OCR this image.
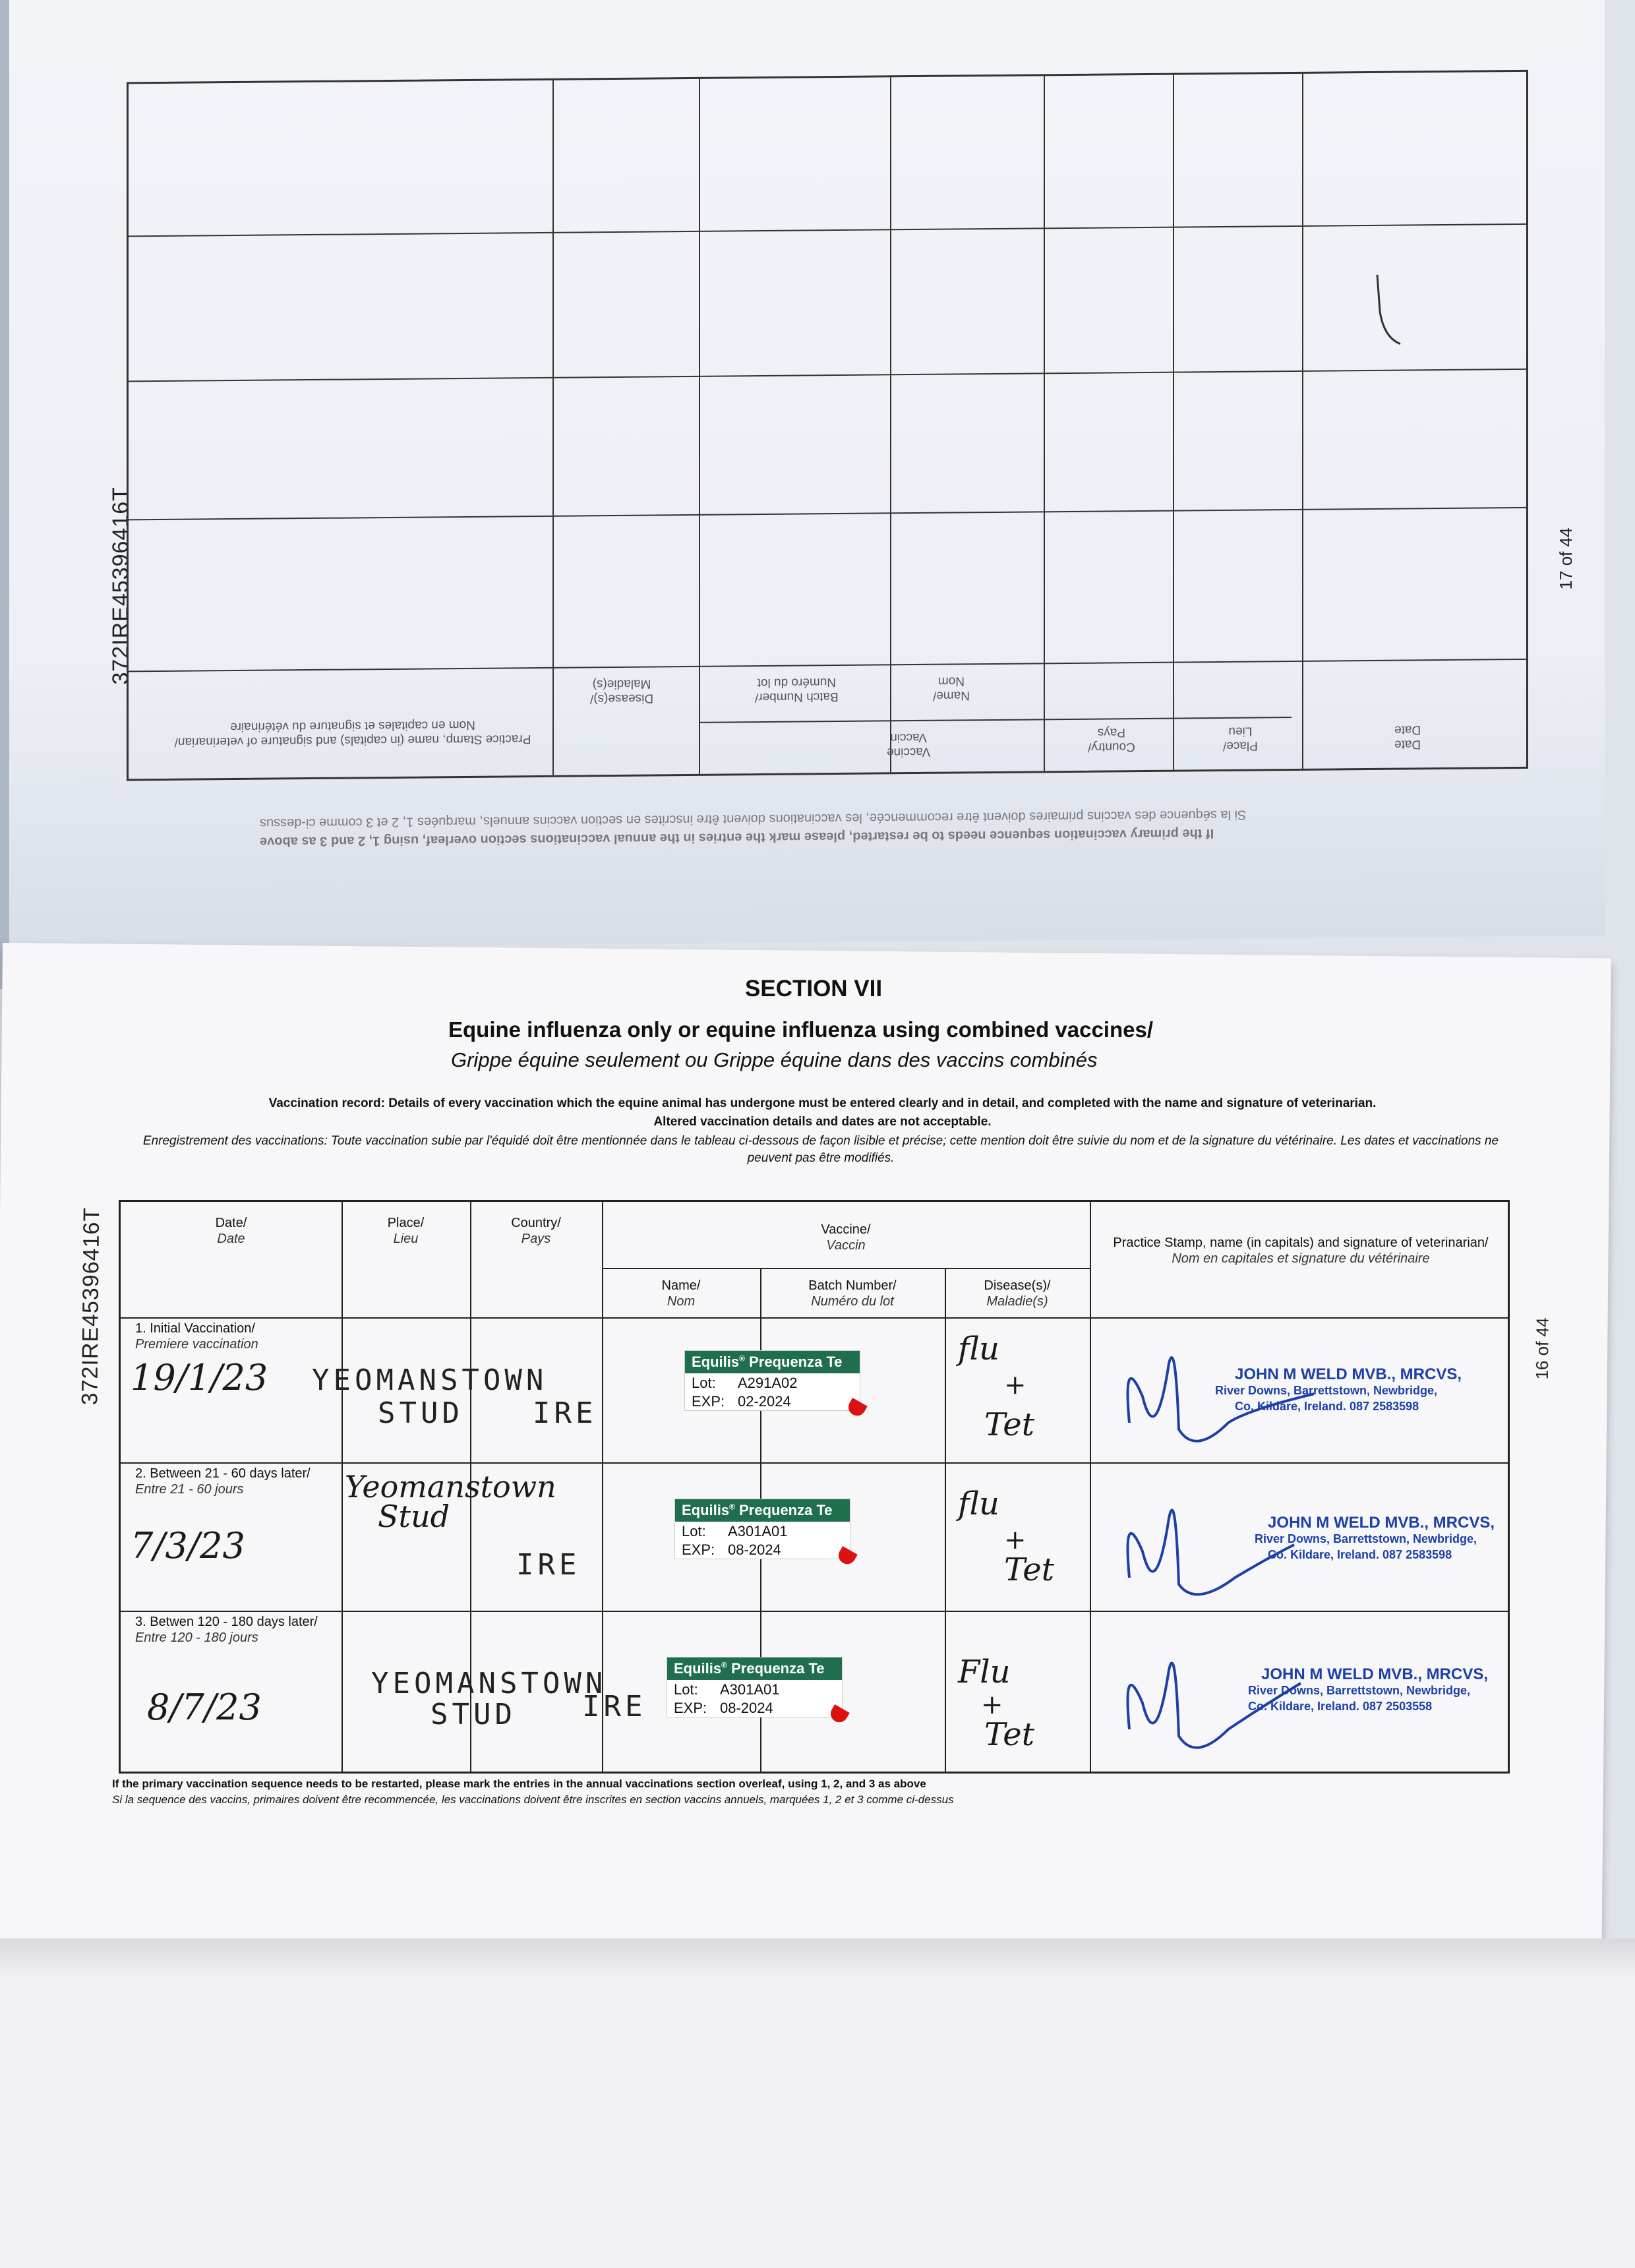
372IRE45396416T	17 of 44
Date
Date
Place/
Lieu
Country/
Pays
Vaccine
Vaccin
Name/
Nom
Batch Number/
Numéro du lot
Disease(s)/
Maladie(s)
Practice Stamp, name (in capitals) and signature of veterinarian/
Nom en capitales et signature du vétérinaire
Si la séquence des vaccins primaires doivent être recommencée, les vaccinations doivent être inscrites en section vaccins annuels, marquées 1, 2 et 3 comme ci-dessus
If the primary vaccination sequence needs to be restarted, please mark the entries in the annual vaccinations section overleaf, using 1, 2 and 3 as above
372IRE45396416T	16 of 44
SECTION VII
Equine influenza only or equine influenza using combined vaccines/
Grippe équine seulement ou Grippe équine dans des vaccins combinés
Vaccination record: Details of every vaccination which the equine animal has undergone must be entered clearly and in detail, and completed with the name and signature of veterinarian.
Altered vaccination details and dates are not acceptable.
Enregistrement des vaccinations: Toute vaccination subie par l'équidé doit être mentionnée dans le tableau ci-dessous de façon lisible et précise; cette mention doit être suivie du nom et de la signature du vétérinaire. Les dates et vaccinations ne peuvent pas être modifiés.
Date/
Date
Place/
Lieu
Country/
Pays
Vaccine/
Vaccin
Name/
Nom
Batch Number/
Numéro du lot
Disease(s)/
Maladie(s)
Practice Stamp, name (in capitals) and signature of veterinarian/
Nom en capitales et signature du vétérinaire
1. Initial Vaccination/
Premiere vaccination
19/1/23 YEOMANSTOWN
STUD IRE
Equilis® Prequenza Te
Lot: A291A02
EXP: 02-2024
flu
+
Tet
JOHN M WELD MVB., MRCVS,
River Downs, Barrettstown, Newbridge,
Co. Kildare, Ireland. 087 2583598
2. Between 21 - 60 days later/
Entre 21 - 60 jours
7/3/23
Yeomanstown
Stud
IRE
Equilis® Prequenza Te
Lot: A301A01
EXP: 08-2024
flu
+
Tet
JOHN M WELD MVB., MRCVS,
River Downs, Barrettstown, Newbridge,
Co. Kildare, Ireland. 087 2583598
3. Betwen 120 - 180 days later/
Entre 120 - 180 jours
8/7/23
YEOMANSTOWN
STUD IRE
Equilis® Prequenza Te
Lot: A301A01
EXP: 08-2024
Flu
+
Tet
JOHN M WELD MVB., MRCVS,
River Downs, Barrettstown, Newbridge,
Co. Kildare, Ireland. 087 2503558
If the primary vaccination sequence needs to be restarted, please mark the entries in the annual vaccinations section overleaf, using 1, 2, and 3 as above
Si la sequence des vaccins, primaires doivent être recommencée, les vaccinations doivent être inscrites en section vaccins annuels, marquées 1, 2 et 3 comme ci-dessus
